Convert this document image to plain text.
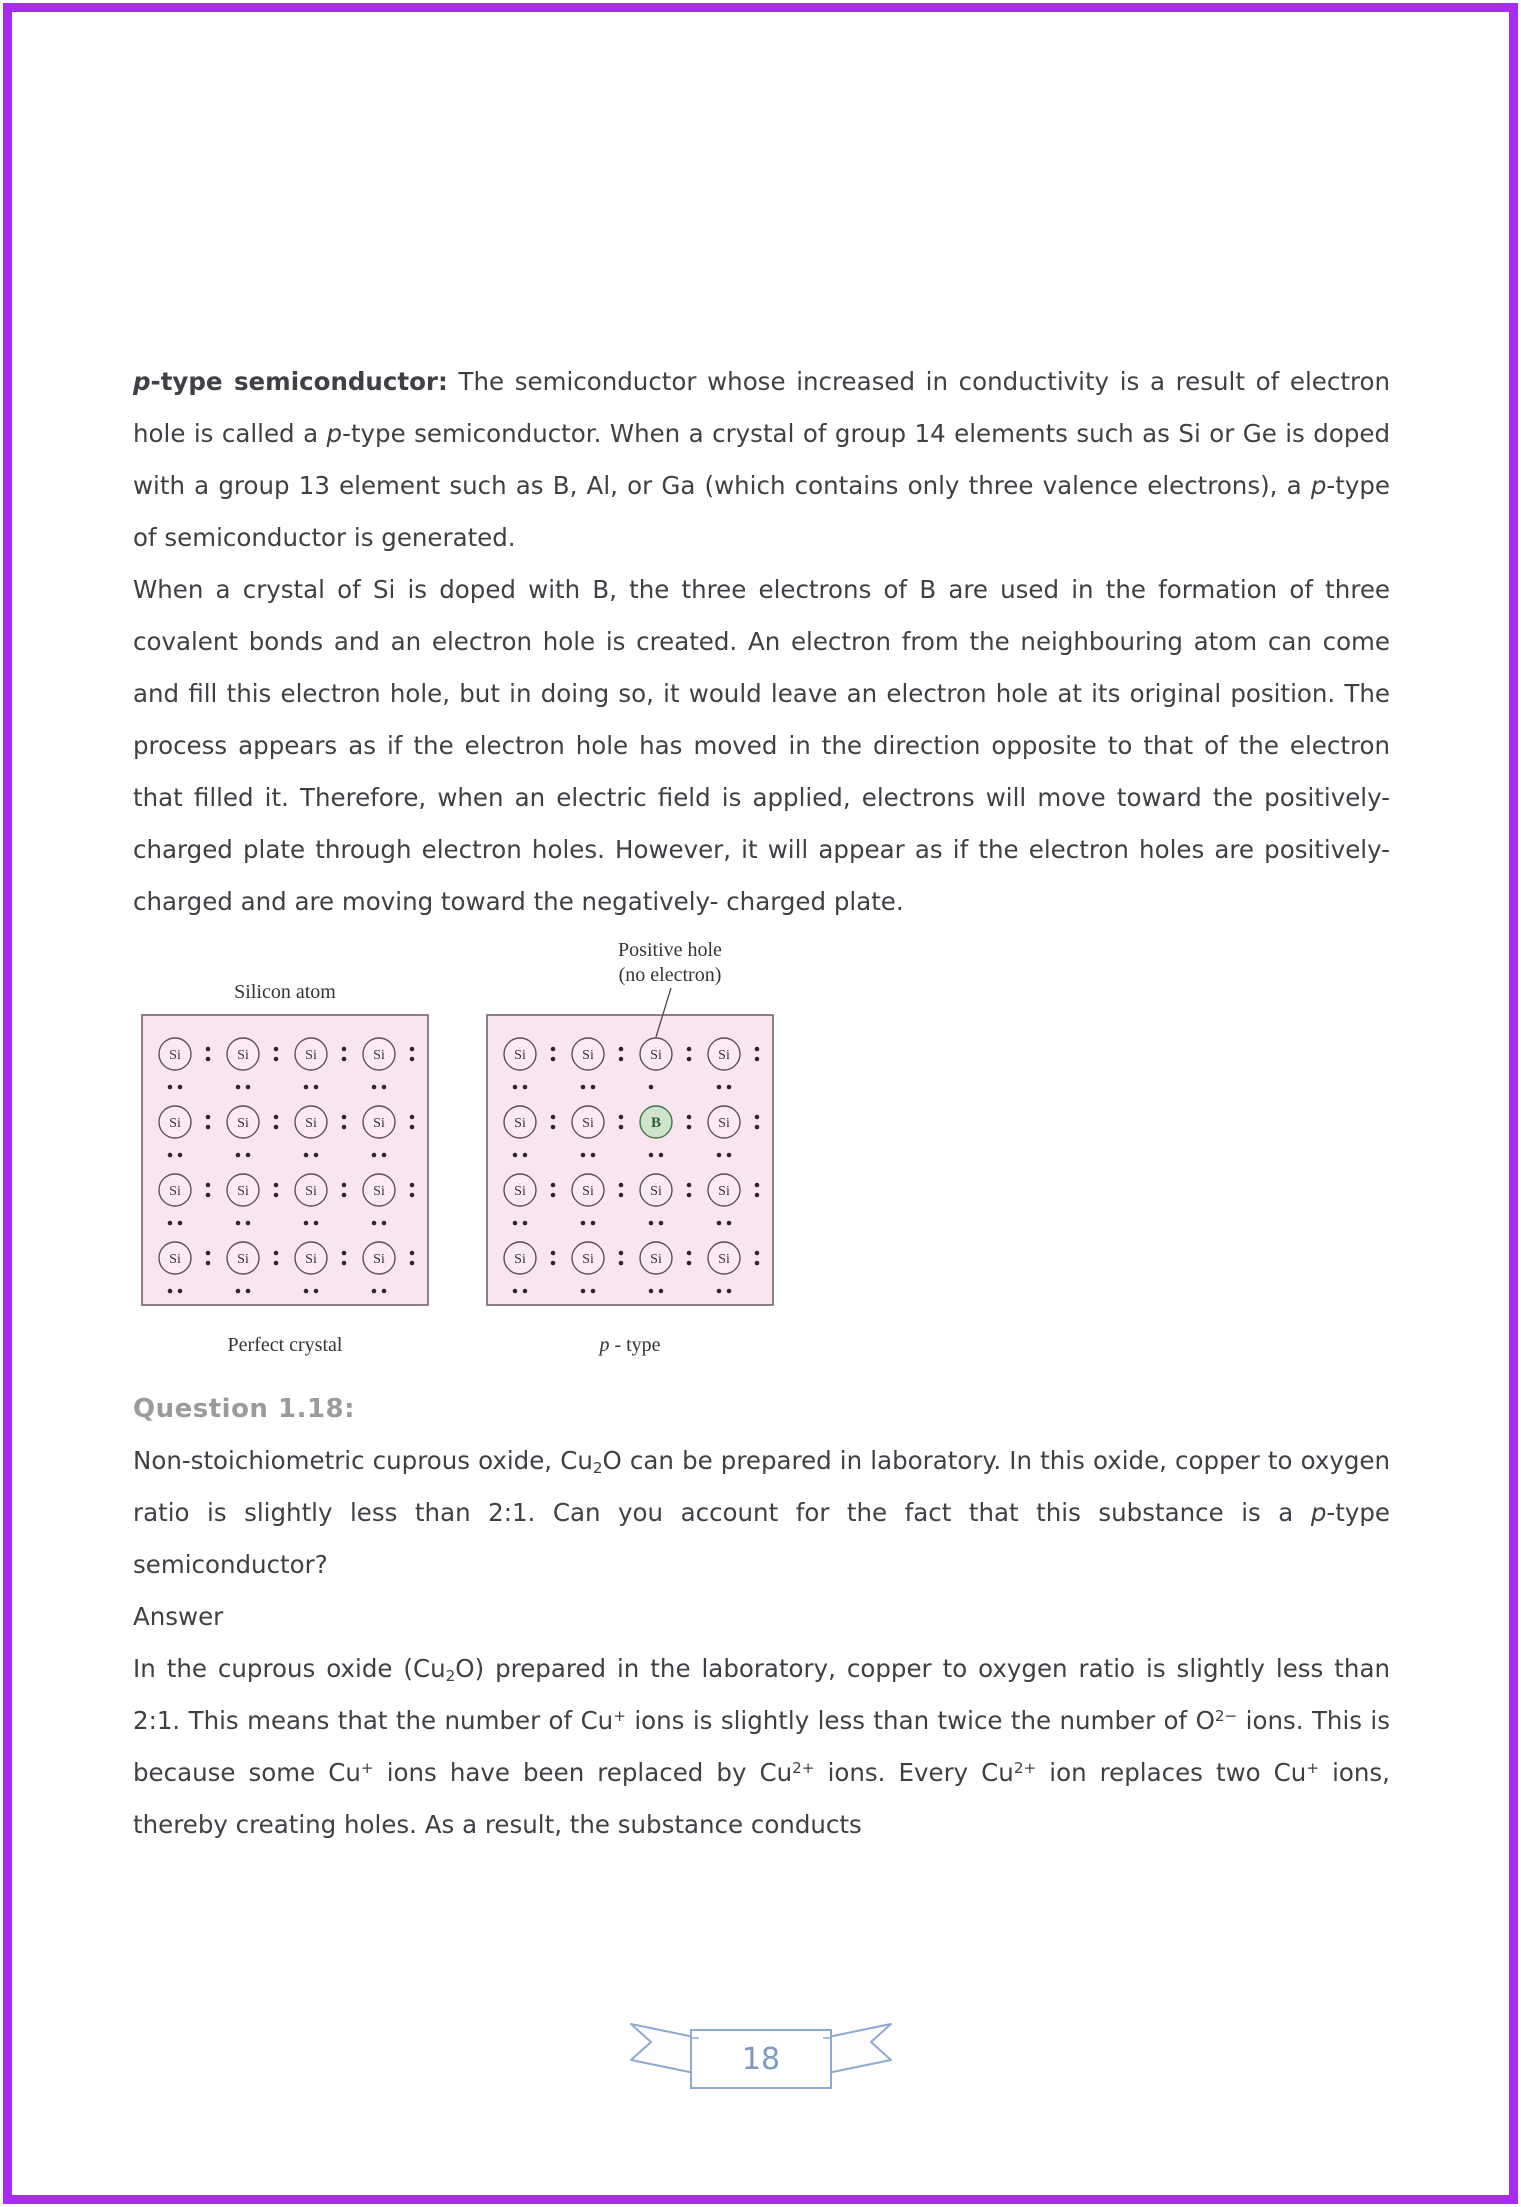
p-type semiconductor: The semiconductor whose increased in conductivity is a result of electron hole is called a p-type semiconductor. When a crystal of group 14 elements such as Si or Ge is doped with a group 13 element such as B, Al, or Ga (which contains only three valence electrons), a p-type of semiconductor is generated.

When a crystal of Si is doped with B, the three electrons of B are used in the formation of three covalent bonds and an electron hole is created. An electron from the neighbouring atom can come and fill this electron hole, but in doing so, it would leave an electron hole at its original position. The process appears as if the electron hole has moved in the direction opposite to that of the electron that filled it. Therefore, when an electric field is applied, electrons will move toward the positively-charged plate through electron holes. However, it will appear as if the electron holes are positively-charged and are moving toward the negatively- charged plate.

Silicon atom
Si	Si	Si	Si
Si	Si	Si	Si
Si	Si	Si	Si
Si	Si	Si	Si
Perfect crystal
Positive hole
(no electron)
Si	Si	Si	Si
Si	Si	B	Si
Si	Si	Si	Si
Si	Si	Si	Si
p - type
Question 1.18:

Non-stoichiometric cuprous oxide, Cu2O can be prepared in laboratory. In this oxide, copper to oxygen ratio is slightly less than 2:1. Can you account for the fact that this substance is a p-type semiconductor?

Answer

In the cuprous oxide (Cu2O) prepared in the laboratory, copper to oxygen ratio is slightly less than 2:1. This means that the number of Cu+ ions is slightly less than twice the number of $O^{2-}$ ions. This is because some Cu+ ions have been replaced by $Cu^{2+}$ ions. Every $Cu^{2+}$ ion replaces two Cu+ ions, thereby creating holes. As a result, the substance conducts

18
